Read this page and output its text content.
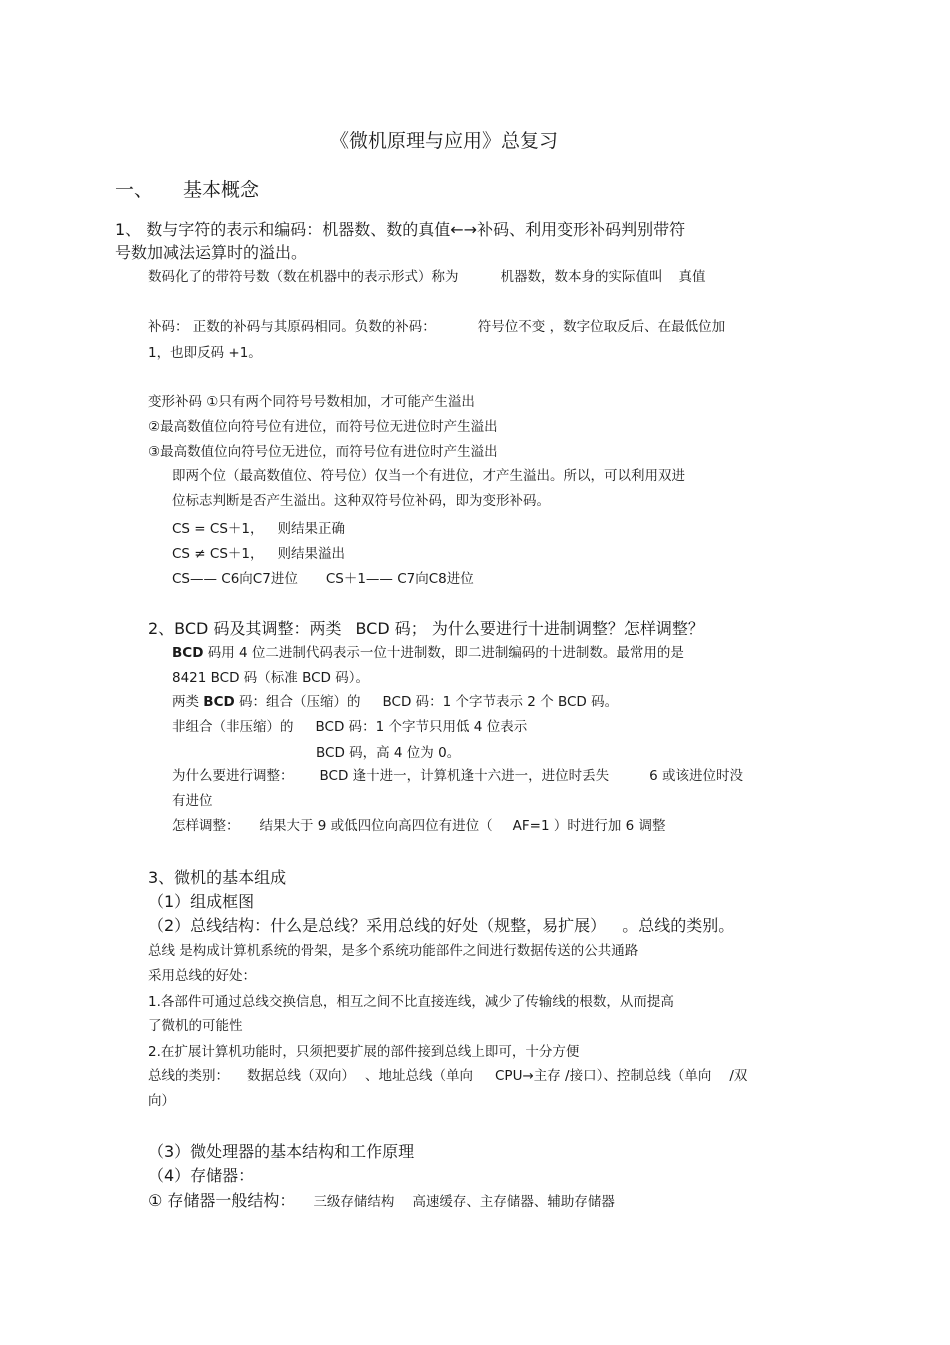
《微机原理与应用》总复习
一、 基本概念
1、 数与字符的表示和编码：机器数、数的真值←→补码、利用变形补码判别带符
号数加减法运算时的溢出。
数码化了的带符号数（数在机器中的表示形式）称为	机器数，数本身的实际值叫 真值
补码： 正数的补码与其原码相同。负数的补码：	符号位不变 ，数字位取反后、在最低位加
1，也即反码 +1。
变形补码 ①只有两个同符号号数相加，才可能产生溢出
②最高数值位向符号位有进位，而符号位无进位时产生溢出
③最高数值位向符号位无进位，而符号位有进位时产生溢出
即两个位（最高数值位、符号位）仅当一个有进位，才产生溢出。所以，可以利用双进
位标志判断是否产生溢出。这种双符号位补码，即为变形补码。
CS = CS＋1， 则结果正确
CS ≠ CS＋1， 则结果溢出
CS—— C6向C7进位 CS＋1—— C7向C8进位
2、BCD 码及其调整：两类 BCD 码； 为什么要进行十进制调整？怎样调整？
BCD 码用 4 位二进制代码表示一位十进制数，即二进制编码的十进制数。最常用的是
8421 BCD 码（标准 BCD 码）。
两类 BCD 码：组合（压缩）的 BCD 码：1 个字节表示 2 个 BCD 码。
非组合（非压缩）的 BCD 码：1 个字节只用低 4 位表示
BCD 码，高 4 位为 0。
为什么要进行调整： BCD 逢十进一，计算机逢十六进一，进位时丢失	6 或该进位时没
有进位
怎样调整： 结果大于 9 或低四位向高四位有进位（ AF=1 ）时进行加 6 调整
3、微机的基本组成
（1）组成框图
（2）总线结构：什么是总线？采用总线的好处（规整，易扩展） 。总线的类别。
总线 是构成计算机系统的骨架，是多个系统功能部件之间进行数据传送的公共通路
采用总线的好处：
1.各部件可通过总线交换信息，相互之间不比直接连线，减少了传输线的根数，从而提高
了微机的可能性
2.在扩展计算机功能时，只须把要扩展的部件接到总线上即可，十分方便
总线的类别： 数据总线（双向） 、地址总线（单向 CPU→主存 /接口）、控制总线（单向 /双
向）
（3）微处理器的基本结构和工作原理
（4）存储器：
① 存储器一般结构： 三级存储结构 高速缓存、主存储器、辅助存储器
